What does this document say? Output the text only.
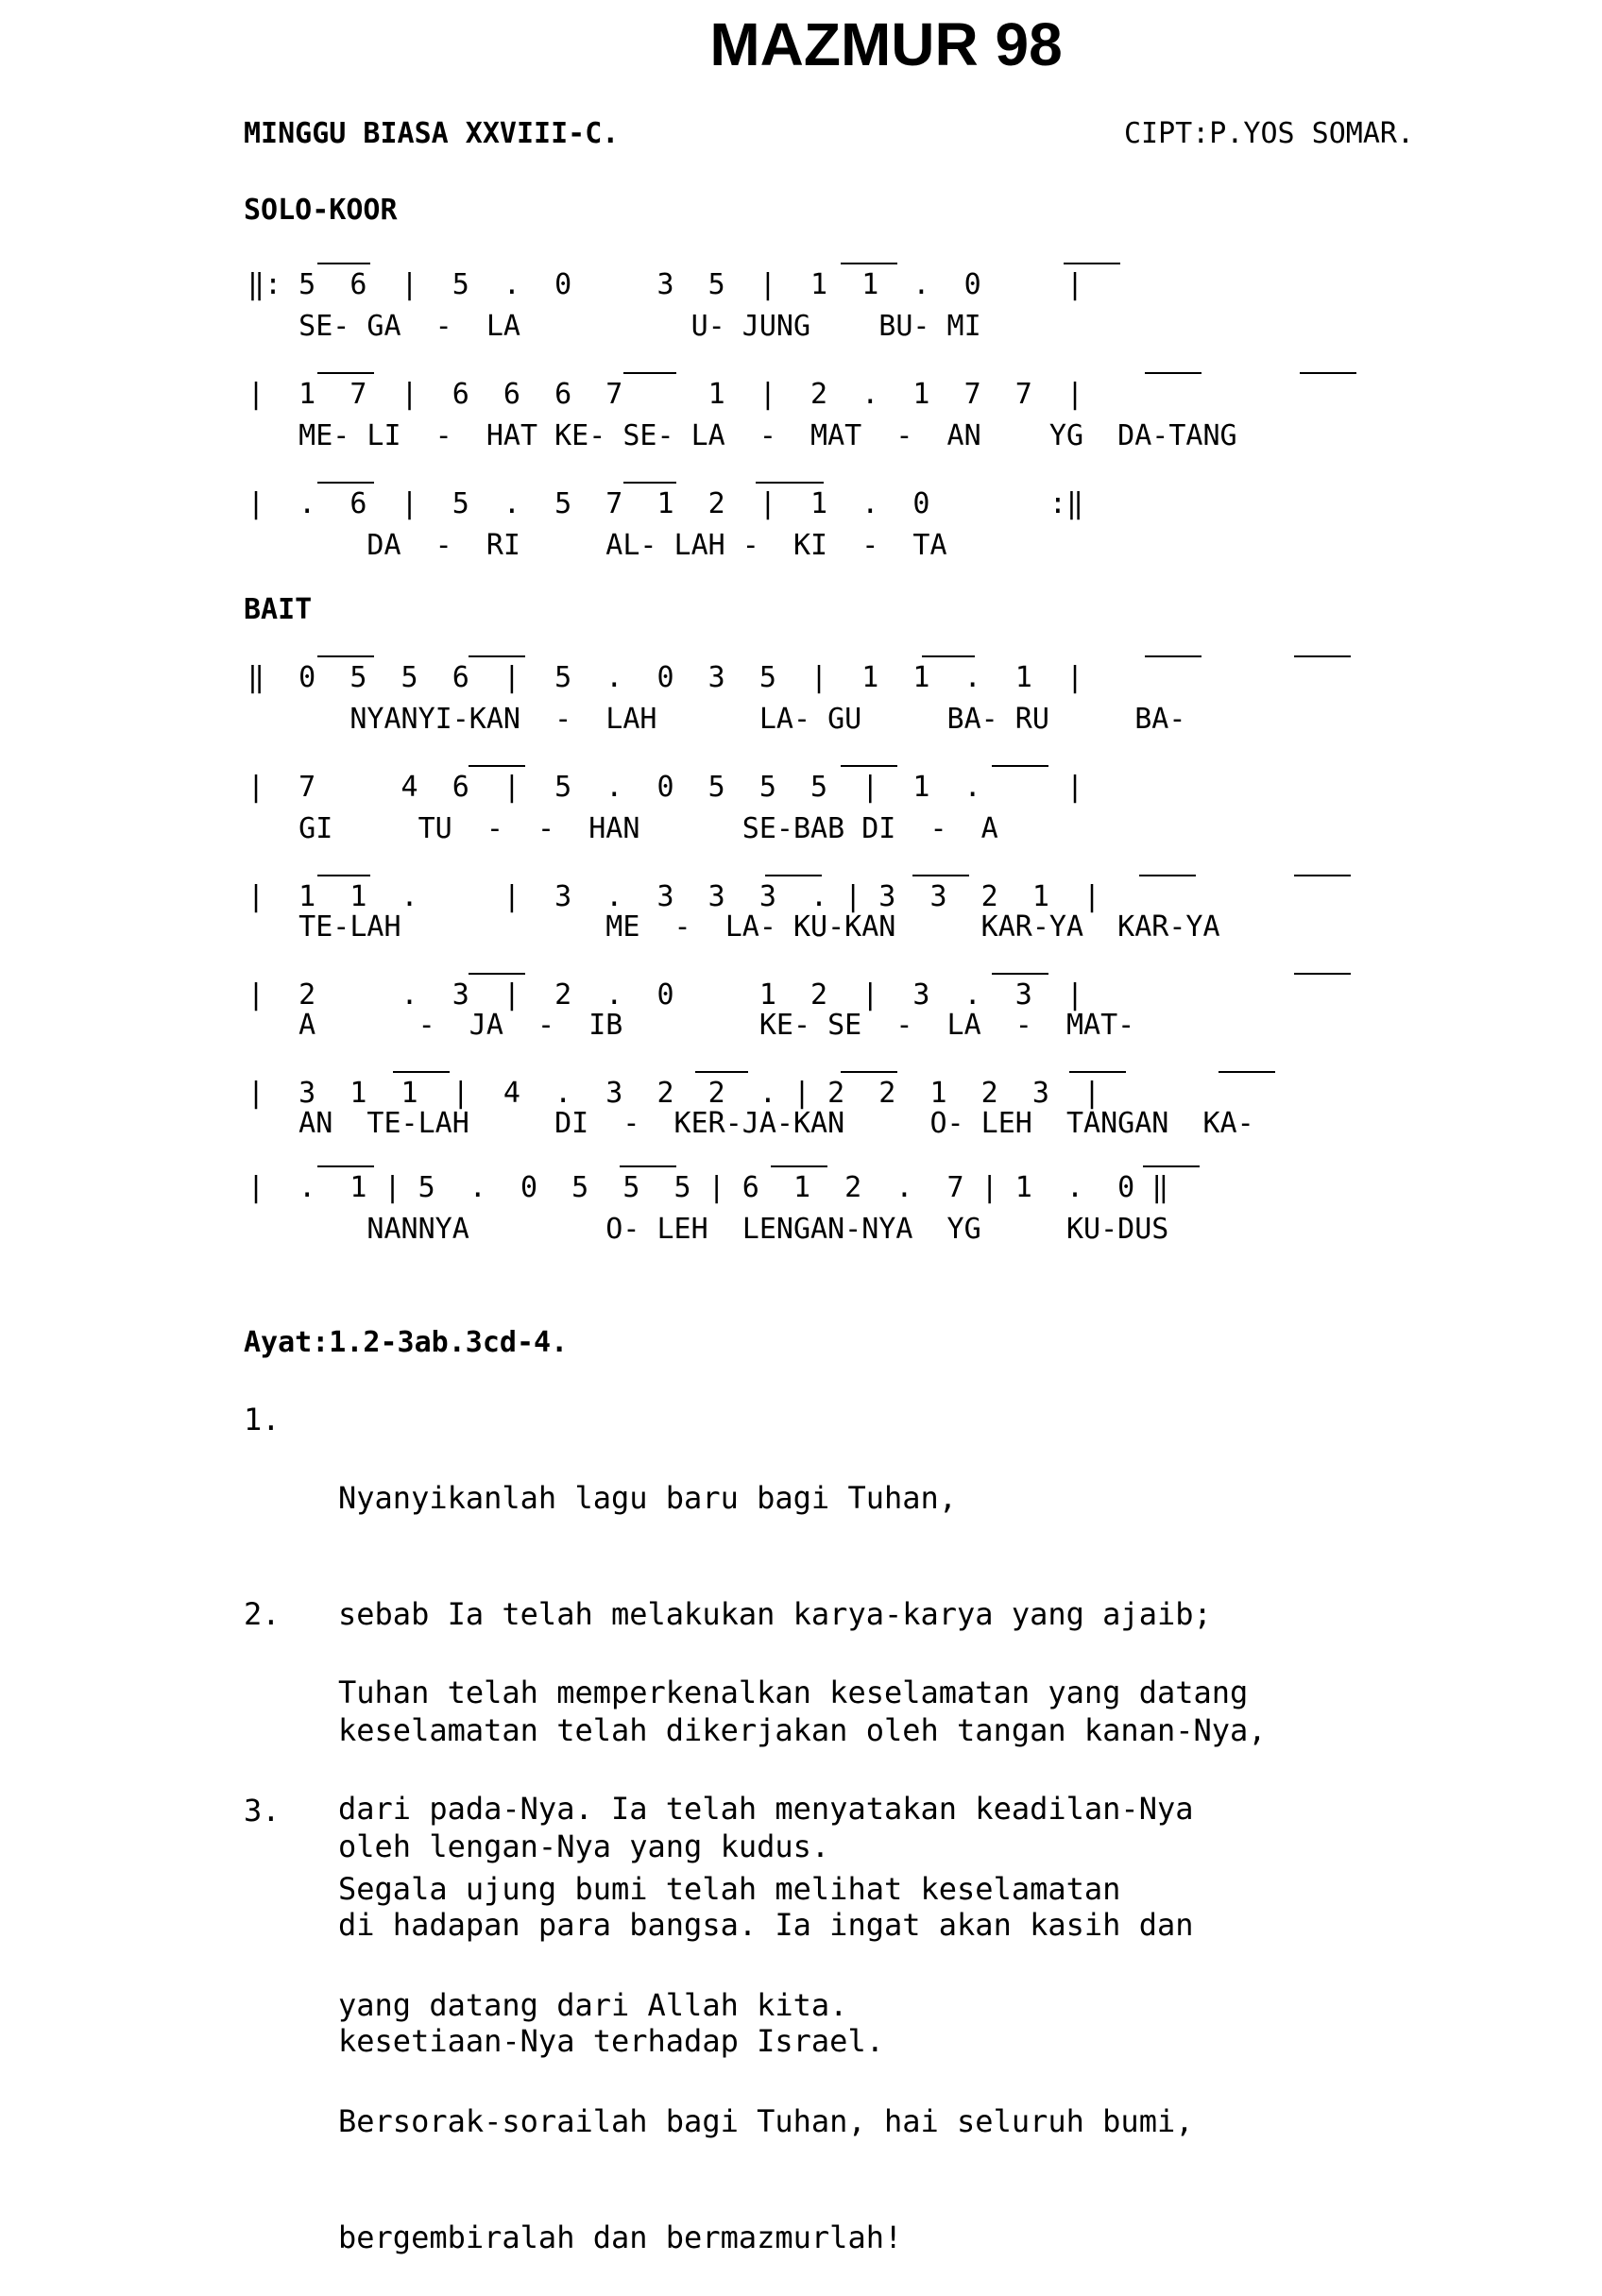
MAZMUR 98
MINGGU BIASA XXVIII-C.	CIPT:P.YOS SOMAR.
SOLO-KOOR
‖: 5  6  |  5  .  0     3  5  |  1  1  .  0     |
SE- GA  -  LA          U- JUNG    BU- MI
|  1  7  |  6  6  6  7     1  |  2  .  1  7  7  |
ME- LI  -  HAT KE- SE- LA  -  MAT  -  AN    YG  DA-TANG
|  .  6  |  5  .  5  7  1  2  |  1  .  0       :‖
DA  -  RI     AL- LAH -  KI  -  TA
BAIT
‖  0  5  5  6  |  5  .  0  3  5  |  1  1  .  1  |
NYANYI-KAN  -  LAH      LA- GU     BA- RU     BA-
|  7     4  6  |  5  .  0  5  5  5  |  1  .     |
GI     TU  -  -  HAN      SE-BAB DI  -  A
|  1  1  .     |  3  .  3  3  3  . | 3  3  2  1  |
TE-LAH            ME  -  LA- KU-KAN     KAR-YA  KAR-YA
|  2     .  3  |  2  .  0     1  2  |  3  .  3  |
A      -  JA  -  IB        KE- SE  -  LA  -  MAT-
|  3  1  1  |  4  .  3  2  2  . | 2  2  1  2  3  |
AN  TE-LAH     DI  -  KER-JA-KAN     O- LEH  TANGAN  KA-
|  .  1 | 5  .  0  5  5  5 | 6  1  2  .  7 | 1  .  0 ‖
NANNYA        O- LEH  LENGAN-NYA  YG     KU-DUS
Ayat:1.2-3ab.3cd-4.
1.

Nyanyikanlah lagu baru bagi Tuhan,

sebab Ia telah melakukan karya-karya yang ajaib;

keselamatan telah dikerjakan oleh tangan kanan-Nya,

oleh lengan-Nya yang kudus.

2.

Tuhan telah memperkenalkan keselamatan yang datang

dari pada-Nya. Ia telah menyatakan keadilan-Nya

di hadapan para bangsa. Ia ingat akan kasih dan

kesetiaan-Nya terhadap Israel.

3.

Segala ujung bumi telah melihat keselamatan

yang datang dari Allah kita.

Bersorak-sorailah bagi Tuhan, hai seluruh bumi,

bergembiralah dan bermazmurlah!
